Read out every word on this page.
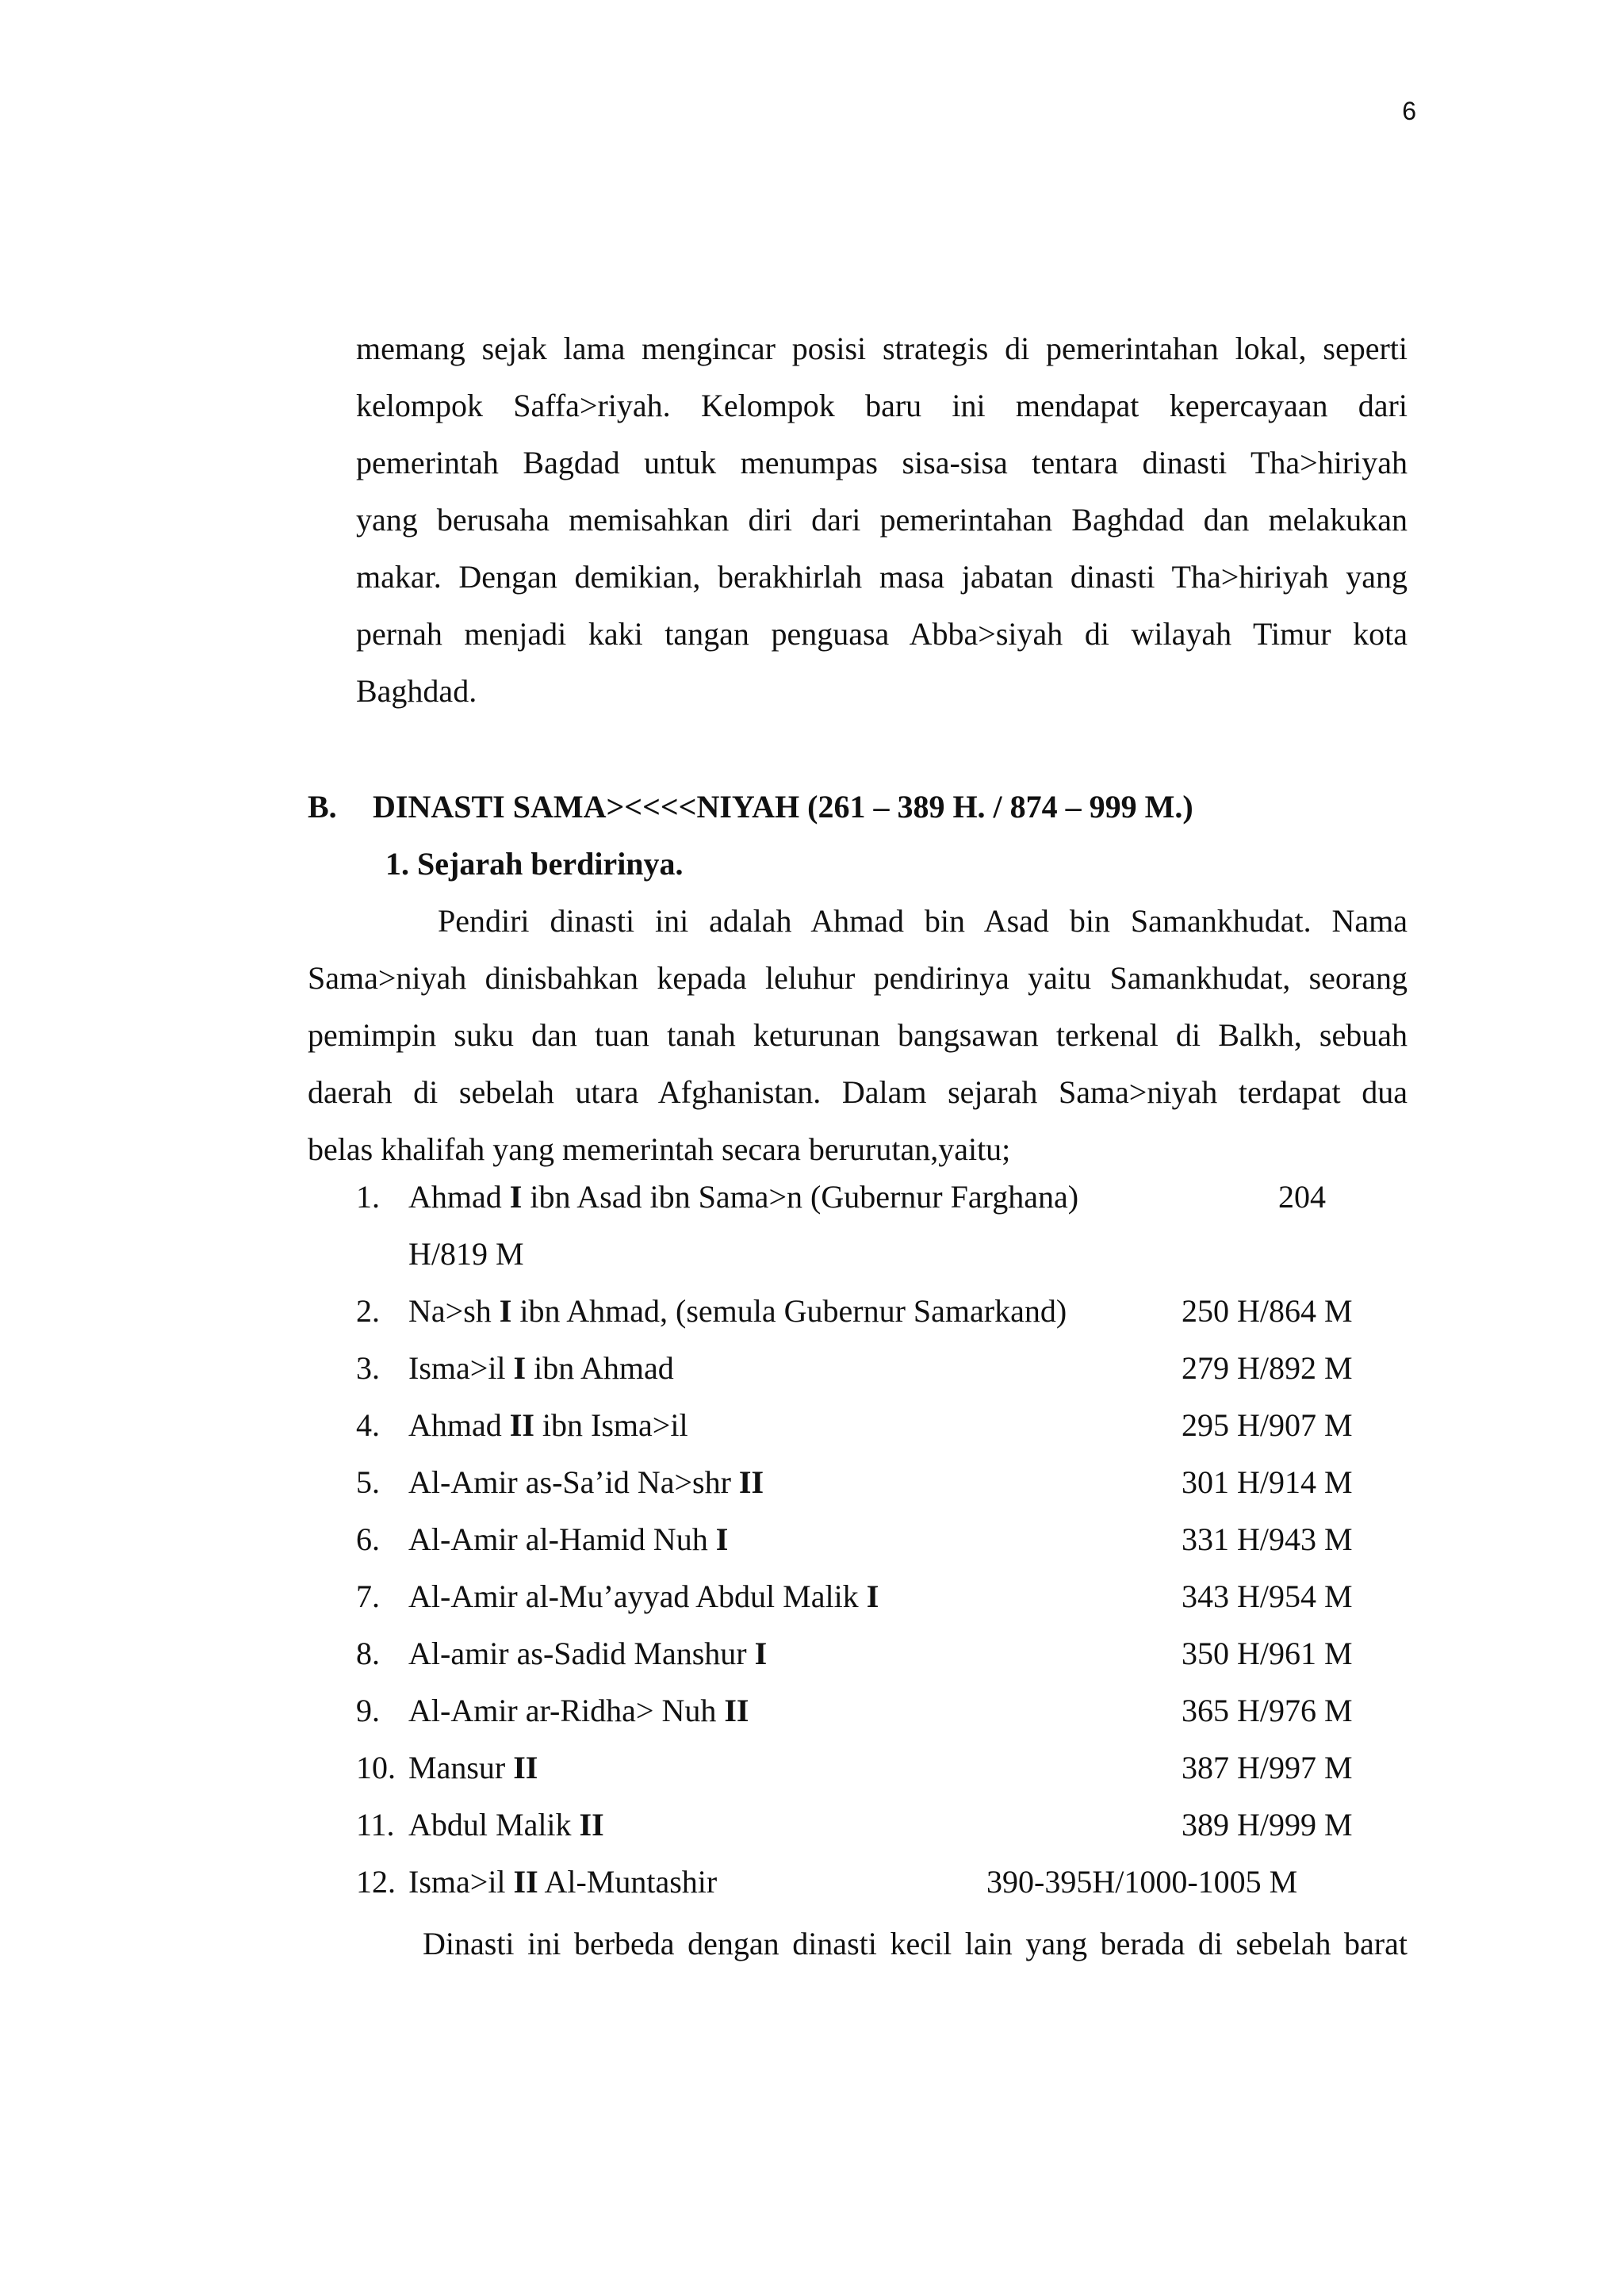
6
memang sejak lama mengincar posisi strategis di pemerintahan lokal, seperti
kelompok Saffa>riyah. Kelompok baru ini mendapat kepercayaan dari
pemerintah Bagdad untuk menumpas sisa-sisa tentara dinasti Tha>hiriyah
yang berusaha memisahkan diri dari pemerintahan Baghdad dan melakukan
makar. Dengan demikian, berakhirlah masa jabatan dinasti Tha>hiriyah yang
pernah menjadi kaki tangan penguasa Abba>siyah di wilayah Timur kota
Baghdad.
B. DINASTI SAMA><<<<NIYAH (261 – 389 H. / 874 – 999 M.)
1. Sejarah berdirinya.
Pendiri dinasti ini adalah Ahmad bin Asad bin Samankhudat. Nama
Sama>niyah dinisbahkan kepada leluhur pendirinya yaitu Samankhudat, seorang
pemimpin suku dan tuan tanah keturunan bangsawan terkenal di Balkh, sebuah
daerah di sebelah utara Afghanistan. Dalam sejarah Sama>niyah terdapat dua
belas khalifah yang memerintah secara berurutan,yaitu;
1. Ahmad I ibn Asad ibn Sama>n (Gubernur Farghana)	204
H/819 M
2. Na>sh I ibn Ahmad, (semula Gubernur Samarkand)	250 H/864 M
3. Isma>il I ibn Ahmad	279 H/892 M
4. Ahmad II ibn Isma>il	295 H/907 M
5. Al-Amir as-Sa’id Na>shr II	301 H/914 M
6. Al-Amir al-Hamid Nuh I	331 H/943 M
7. Al-Amir al-Mu’ayyad Abdul Malik I	343 H/954 M
8. Al-amir as-Sadid Manshur I	350 H/961 M
9. Al-Amir ar-Ridha> Nuh II	365 H/976 M
10. Mansur II	387 H/997 M
11. Abdul Malik II	389 H/999 M
12. Isma>il II Al-Muntashir	390-395H/1000-1005 M
Dinasti ini berbeda dengan dinasti kecil lain yang berada di sebelah barat
